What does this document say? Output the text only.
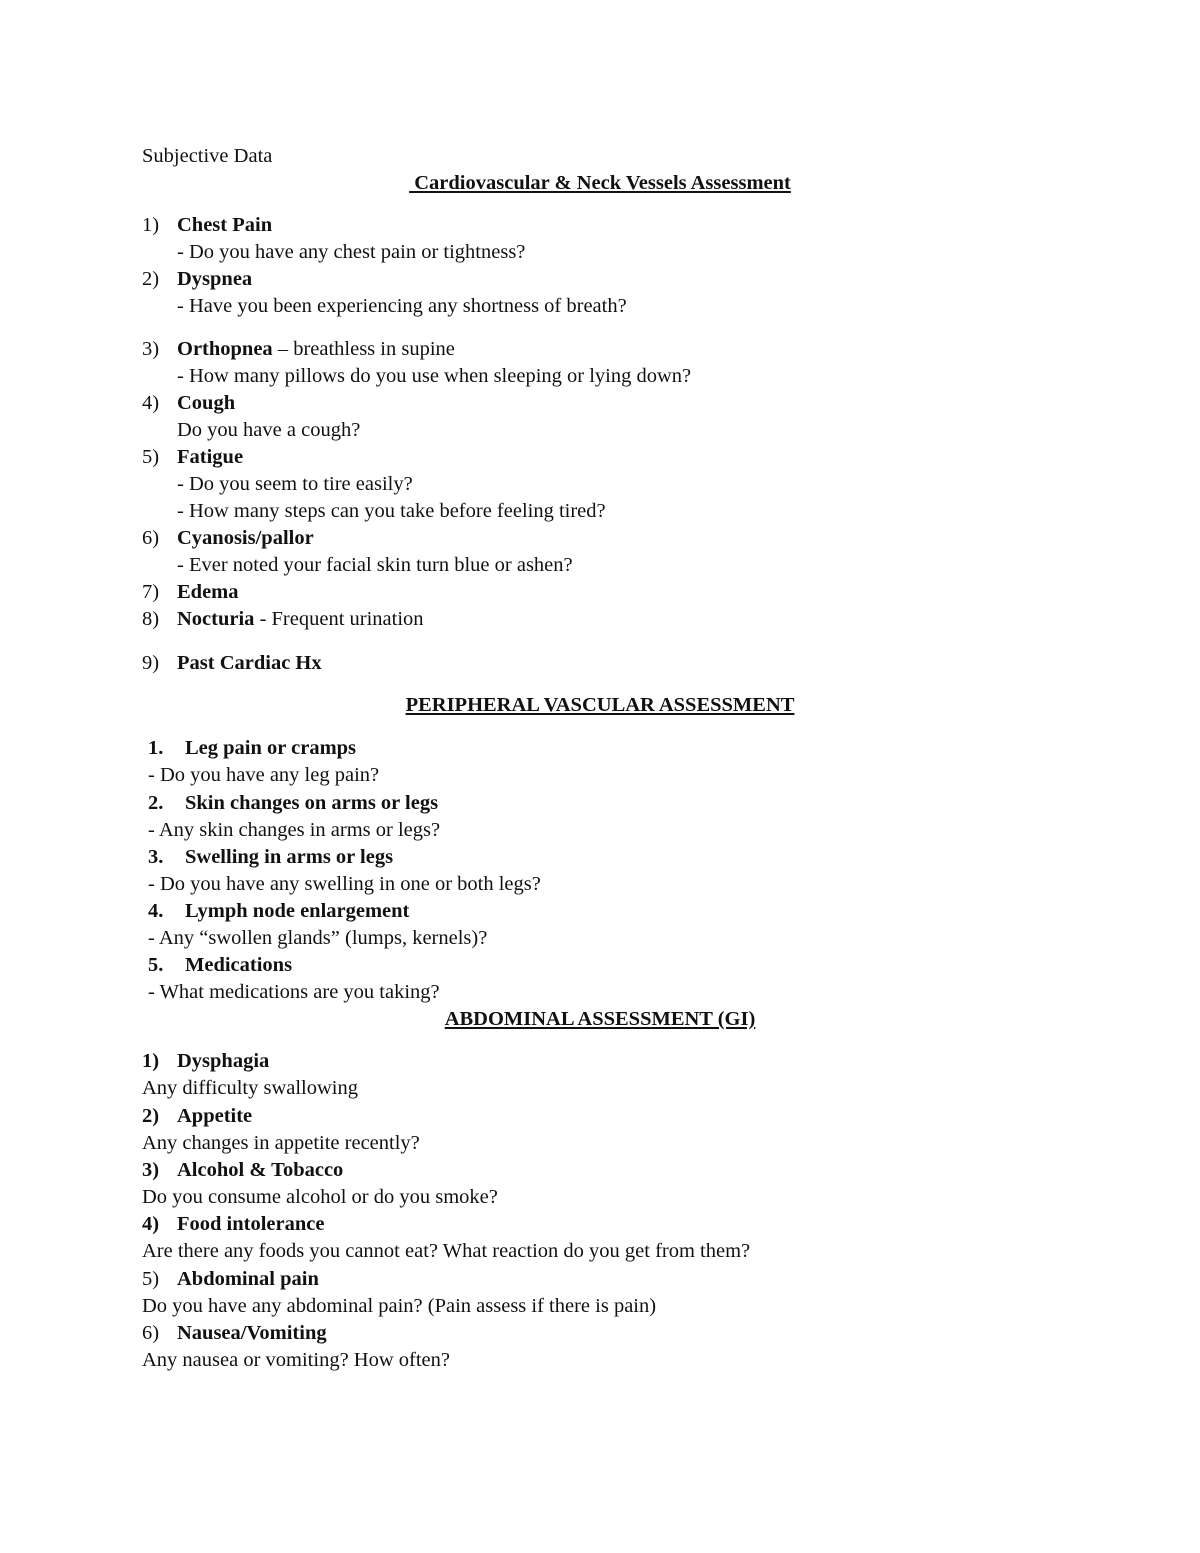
Subjective Data
Cardiovascular & Neck Vessels Assessment
1) Chest Pain
- Do you have any chest pain or tightness?
2) Dyspnea
- Have you been experiencing any shortness of breath?
3) Orthopnea – breathless in supine
- How many pillows do you use when sleeping or lying down?
4) Cough
Do you have a cough?
5) Fatigue
- Do you seem to tire easily?
- How many steps can you take before feeling tired?
6) Cyanosis/pallor
- Ever noted your facial skin turn blue or ashen?
7) Edema
8) Nocturia - Frequent urination
9) Past Cardiac Hx
PERIPHERAL VASCULAR ASSESSMENT
1. Leg pain or cramps
- Do you have any leg pain?
2. Skin changes on arms or legs
- Any skin changes in arms or legs?
3. Swelling in arms or legs
- Do you have any swelling in one or both legs?
4. Lymph node enlargement
- Any “swollen glands” (lumps, kernels)?
5. Medications
- What medications are you taking?
ABDOMINAL ASSESSMENT (GI)
1) Dysphagia
Any difficulty swallowing
2) Appetite
Any changes in appetite recently?
3) Alcohol & Tobacco
Do you consume alcohol or do you smoke?
4) Food intolerance
Are there any foods you cannot eat? What reaction do you get from them?
5) Abdominal pain
Do you have any abdominal pain? (Pain assess if there is pain)
6) Nausea/Vomiting
Any nausea or vomiting? How often?
